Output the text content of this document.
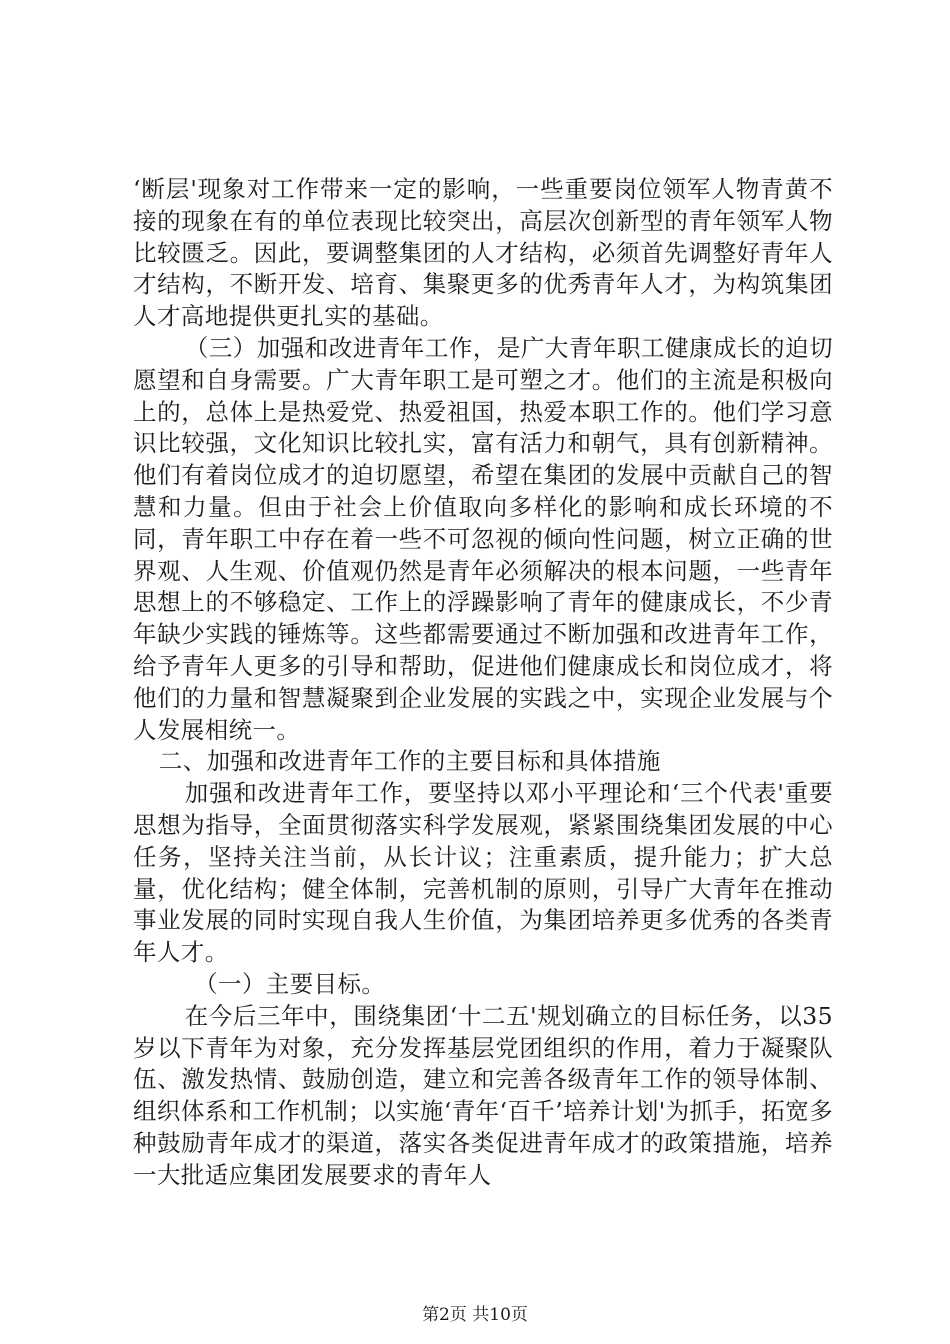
‘断层'现象对工作带来一定的影响，一些重要岗位领军人物青黄不接的现象在有的单位表现比较突出，高层次创新型的青年领军人物比较匮乏。因此，要调整集团的人才结构，必须首先调整好青年人才结构，不断开发、培育、集聚更多的优秀青年人才，为构筑集团人才高地提供更扎实的基础。

（三）加强和改进青年工作，是广大青年职工健康成长的迫切愿望和自身需要。广大青年职工是可塑之才。他们的主流是积极向上的，总体上是热爱党、热爱祖国，热爱本职工作的。他们学习意识比较强，文化知识比较扎实，富有活力和朝气，具有创新精神。他们有着岗位成才的迫切愿望，希望在集团的发展中贡献自己的智慧和力量。但由于社会上价值取向多样化的影响和成长环境的不同，青年职工中存在着一些不可忽视的倾向性问题，树立正确的世界观、人生观、价值观仍然是青年必须解决的根本问题，一些青年思想上的不够稳定、工作上的浮躁影响了青年的健康成长，不少青年缺少实践的锤炼等。这些都需要通过不断加强和改进青年工作，给予青年人更多的引导和帮助，促进他们健康成长和岗位成才，将他们的力量和智慧凝聚到企业发展的实践之中，实现企业发展与个人发展相统一。

二、加强和改进青年工作的主要目标和具体措施

加强和改进青年工作，要坚持以邓小平理论和‘三个代表'重要思想为指导，全面贯彻落实科学发展观，紧紧围绕集团发展的中心任务，坚持关注当前，从长计议；注重素质，提升能力；扩大总量，优化结构；健全体制，完善机制的原则，引导广大青年在推动事业发展的同时实现自我人生价值，为集团培养更多优秀的各类青年人才。

（一）主要目标。

在今后三年中，围绕集团‘十二五'规划确立的目标任务，以35岁以下青年为对象，充分发挥基层党团组织的作用，着力于凝聚队伍、激发热情、鼓励创造，建立和完善各级青年工作的领导体制、组织体系和工作机制；以实施‘青年‘百千’培养计划'为抓手，拓宽多种鼓励青年成才的渠道，落实各类促进青年成才的政策措施，培养一大批适应集团发展要求的青年人

第2页 共10页
